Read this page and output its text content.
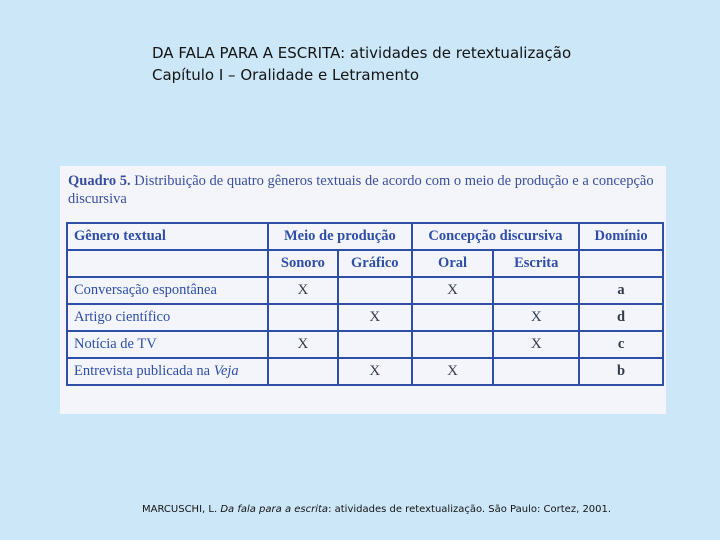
DA FALA PARA A ESCRITA: atividades de retextualização
Capítulo I – Oralidade e Letramento
Quadro 5. Distribuição de quatro gêneros textuais de acordo com o meio de produção e a concepção discursiva
Gênero textual	Meio de produção		Concepção discursiva		Domínio
	Sonoro	Gráfico	Oral	Escrita	
Conversação espontânea	X		X		a
Artigo científico		X		X	d
Notícia de TV	X			X	c
Entrevista publicada na Veja		X	X		b
MARCUSCHI, L. Da fala para a escrita: atividades de retextualização. São Paulo: Cortez, 2001.
